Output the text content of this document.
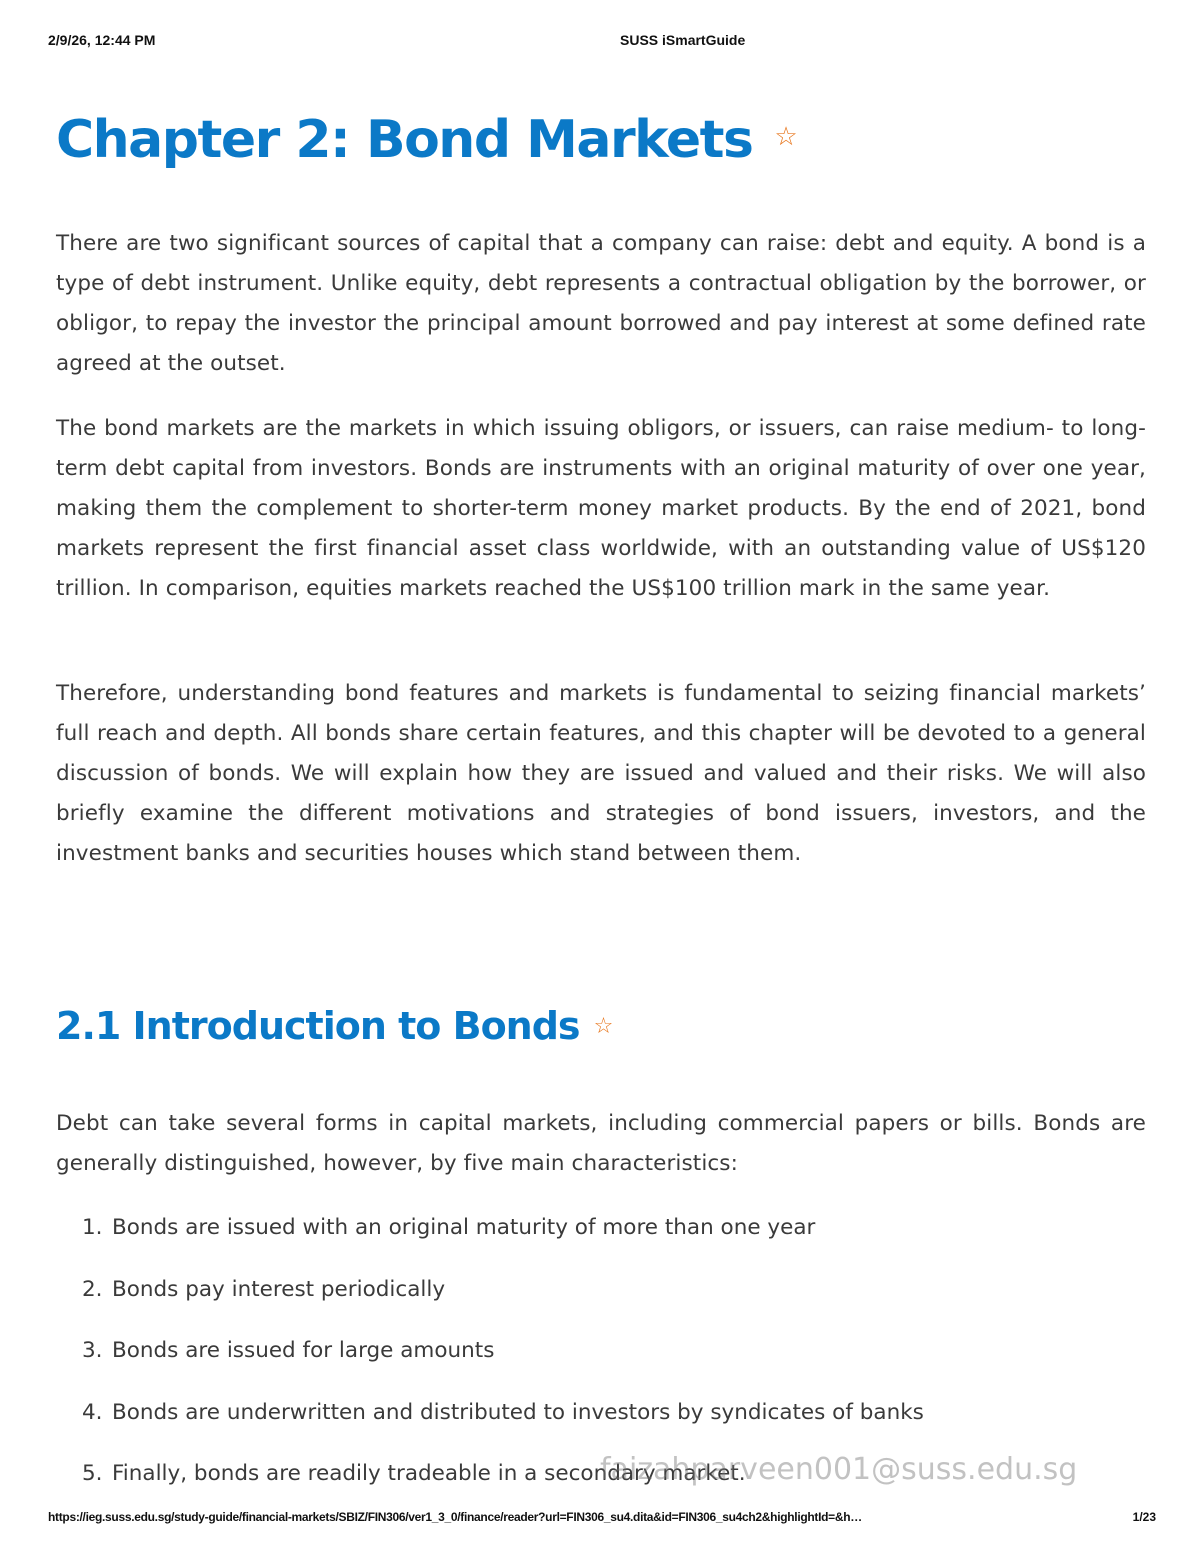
2/9/26, 12:44 PM	SUSS iSmartGuide
Chapter 2: Bond Markets ☆

There are two significant sources of capital that a company can raise: debt and equity. A bond is a type of debt instrument. Unlike equity, debt represents a contractual obligation by the borrower, or obligor, to repay the investor the principal amount borrowed and pay interest at some defined rate agreed at the outset.

The bond markets are the markets in which issuing obligors, or issuers, can raise medium- to long-term debt capital from investors. Bonds are instruments with an original maturity of over one year, making them the complement to shorter-term money market products. By the end of 2021, bond markets represent the first financial asset class worldwide, with an outstanding value of US$120 trillion. In comparison, equities markets reached the US$100 trillion mark in the same year.

Therefore, understanding bond features and markets is fundamental to seizing financial markets’ full reach and depth. All bonds share certain features, and this chapter will be devoted to a general discussion of bonds. We will explain how they are issued and valued and their risks. We will also briefly examine the different motivations and strategies of bond issuers, investors, and the investment banks and securities houses which stand between them.

2.1 Introduction to Bonds ☆

Debt can take several forms in capital markets, including commercial papers or bills. Bonds are generally distinguished, however, by five main characteristics:

1. Bonds are issued with an original maturity of more than one year
2. Bonds pay interest periodically
3. Bonds are issued for large amounts
4. Bonds are underwritten and distributed to investors by syndicates of banks
5. Finally, bonds are readily tradeable in a secondary market.
faizahparveen001@suss.edu.sg
https://ieg.suss.edu.sg/study-guide/financial-markets/SBIZ/FIN306/ver1_3_0/finance/reader?url=FIN306_su4.dita&id=FIN306_su4ch2&highlightId=&h…	1/23
